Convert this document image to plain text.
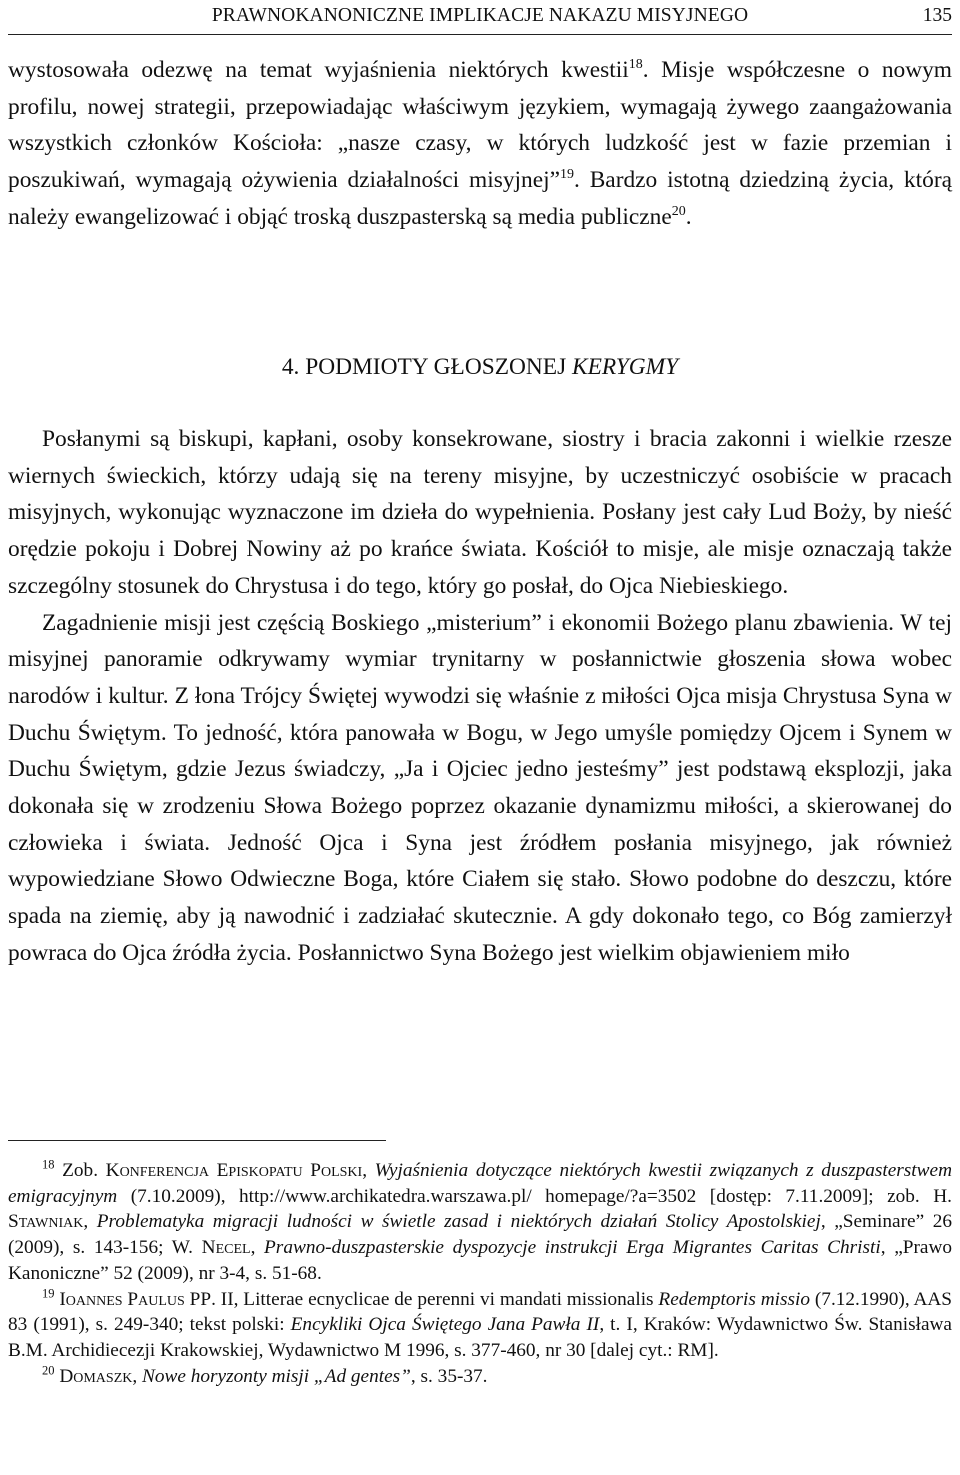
PRAWNOKANONICZNE IMPLIKACJE NAKAZU MISYJNEGO	135

wystosowała odezwę na temat wyjaśnienia niektórych kwestii$^{18}$. Misje współczesne o nowym profilu, nowej strategii, przepowiadając właściwym językiem, wymagają żywego zaangażowania wszystkich członków Kościoła: „nasze czasy, w których ludzkość jest w fazie przemian i poszukiwań, wymagają ożywienia działalności misyjnej”$^{19}$. Bardzo istotną dziedziną życia, którą należy ewangelizować i objąć troską duszpasterską są media publiczne$^{20}$.

4. PODMIOTY GŁOSZONEJ KERYGMY

Posłanymi są biskupi, kapłani, osoby konsekrowane, siostry i bracia zakonni i wielkie rzesze wiernych świeckich, którzy udają się na tereny misyjne, by uczestniczyć osobiście w pracach misyjnych, wykonując wyznaczone im dzieła do wypełnienia. Posłany jest cały Lud Boży, by nieść orędzie pokoju i Dobrej Nowiny aż po krańce świata. Kościół to misje, ale misje oznaczają także szczególny stosunek do Chrystusa i do tego, który go posłał, do Ojca Niebieskiego.

Zagadnienie misji jest częścią Boskiego „misterium” i ekonomii Bożego planu zbawienia. W tej misyjnej panoramie odkrywamy wymiar trynitarny w posłannictwie głoszenia słowa wobec narodów i kultur. Z łona Trójcy Świętej wywodzi się właśnie z miłości Ojca misja Chrystusa Syna w Duchu Świętym. To jedność, która panowała w Bogu, w Jego umyśle pomiędzy Ojcem i Synem w Duchu Świętym, gdzie Jezus świadczy, „Ja i Ojciec jedno jesteśmy” jest podstawą eksplozji, jaka dokonała się w zrodzeniu Słowa Bożego poprzez okazanie dynamizmu miłości, a skierowanej do człowieka i świata. Jedność Ojca i Syna jest źródłem posłania misyjnego, jak również wypowiedziane Słowo Odwieczne Boga, które Ciałem się stało. Słowo podobne do deszczu, które spada na ziemię, aby ją nawodnić i zadziałać skutecznie. A gdy dokonało tego, co Bóg zamierzył powraca do Ojca źródła życia. Posłannictwo Syna Bożego jest wielkim objawieniem miło

$^{18}$ Zob. Konferencja Episkopatu Polski, Wyjaśnienia dotyczące niektórych kwestii związanych z duszpasterstwem emigracyjnym (7.10.2009), http://www.archikatedra.warszawa.pl/ homepage/?a=3502 [dostęp: 7.11.2009]; zob. H. Stawniak, Problematyka migracji ludności w świetle zasad i niektórych działań Stolicy Apostolskiej, „Seminare” 26 (2009), s. 143-156; W. Necel, Prawno-duszpasterskie dyspozycje instrukcji Erga Migrantes Caritas Christi, „Prawo Kanoniczne” 52 (2009), nr 3-4, s. 51-68.

$^{19}$ Ioannes Paulus PP. II, Litterae ecnyclicae de perenni vi mandati missionalis Redemptoris missio (7.12.1990), AAS 83 (1991), s. 249-340; tekst polski: Encykliki Ojca Świętego Jana Pawła II, t. I, Kraków: Wydawnictwo Św. Stanisława B.M. Archidiecezji Krakowskiej, Wydawnictwo M 1996, s. 377-460, nr 30 [dalej cyt.: RM].

$^{20}$ Domaszk, Nowe horyzonty misji „Ad gentes”, s. 35-37.
